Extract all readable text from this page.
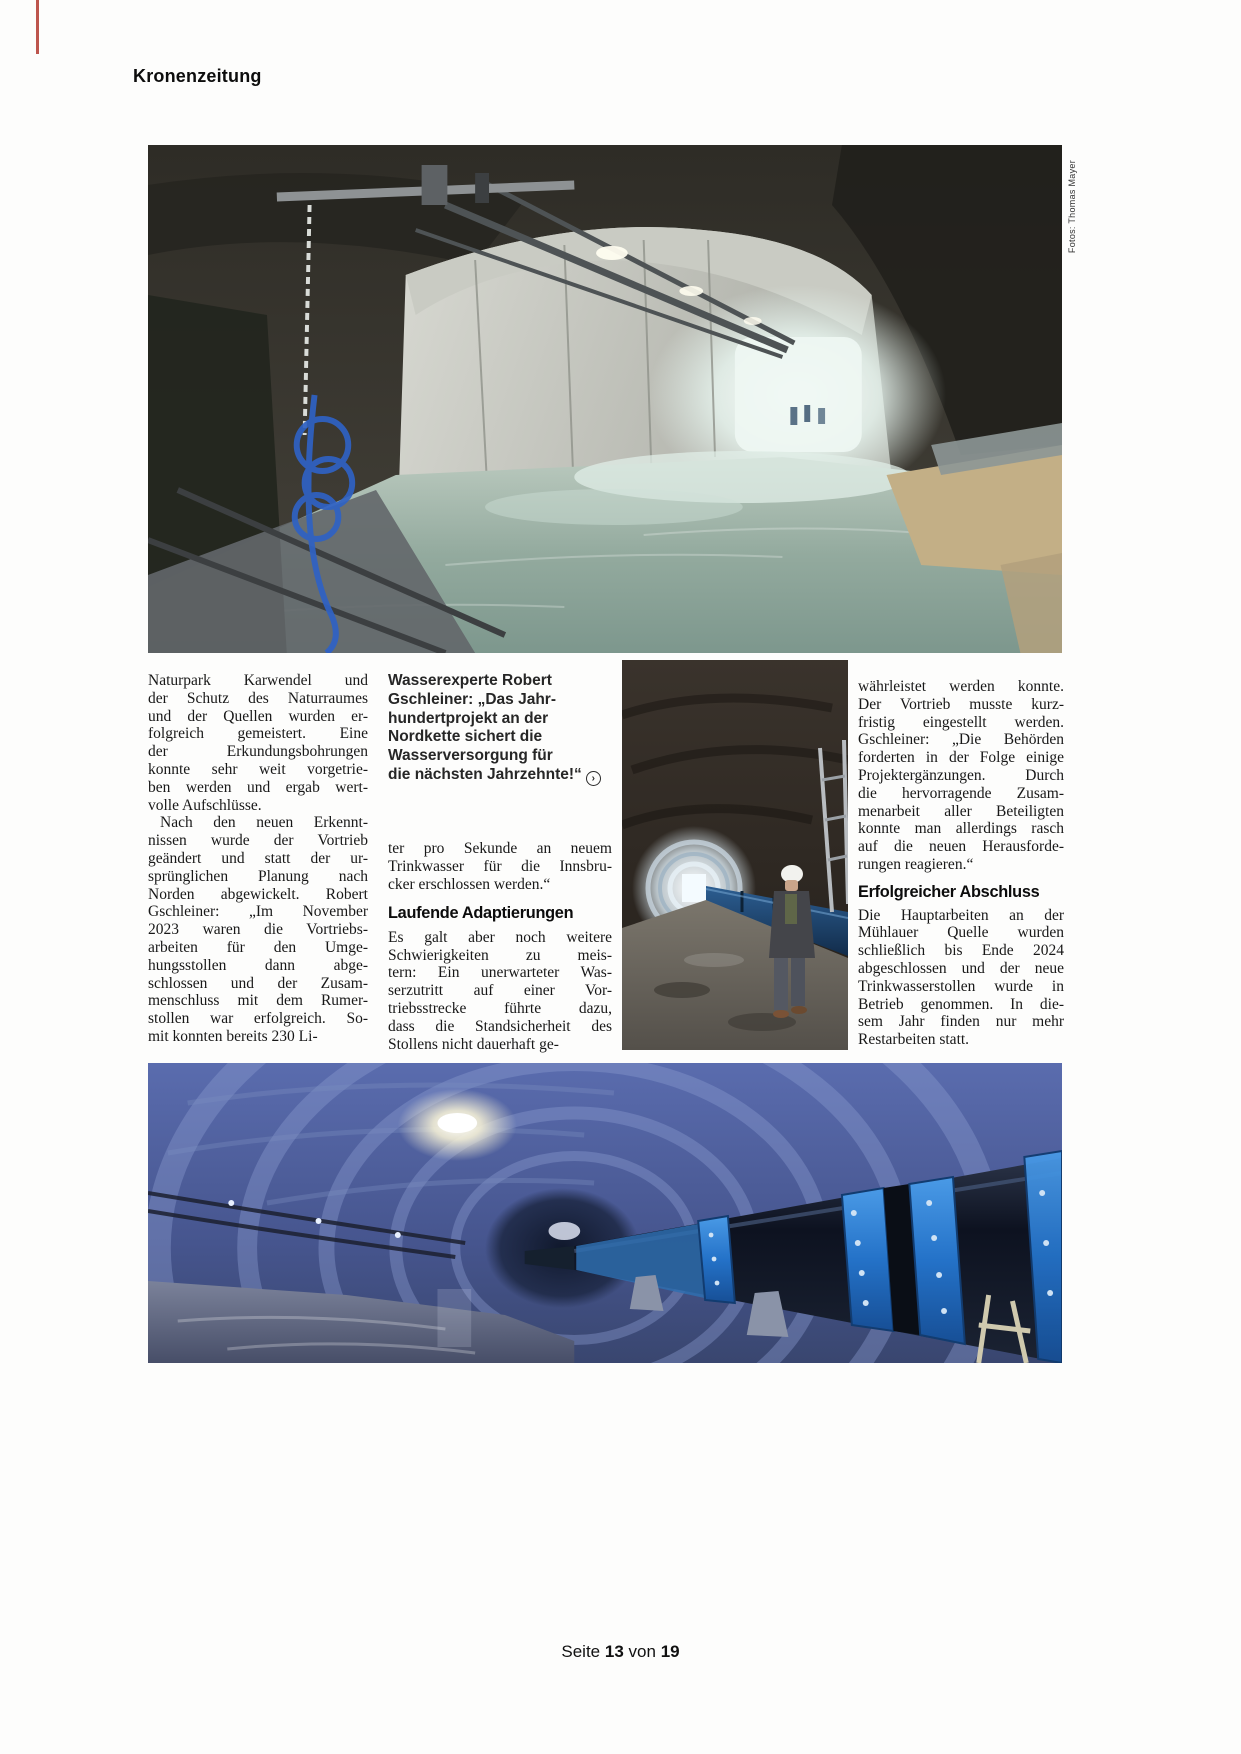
Kronenzeitung
Fotos: Thomas Mayer
Naturpark Karwendel und
der Schutz des Naturraumes
und der Quellen wurden er-
folgreich gemeistert. Eine
der Erkundungsbohrungen
konnte sehr weit vorgetrie-
ben werden und ergab wert-
volle Aufschlüsse.
Nach den neuen Erkennt-
nissen wurde der Vortrieb
geändert und statt der ur-
sprünglichen Planung nach
Norden abgewickelt. Robert
Gschleiner: „Im November
2023 waren die Vortriebs-
arbeiten für den Umge-
hungsstollen dann abge-
schlossen und der Zusam-
menschluss mit dem Rumer-
stollen war erfolgreich. So-
mit konnten bereits 230 Li-
Wasserexperte Robert
Gschleiner: „Das Jahr-
hundertprojekt an der
Nordkette sichert die
Wasserversorgung für
die nächsten Jahrzehnte!“ ›
ter pro Sekunde an neuem
Trinkwasser für die Innsbru-
cker erschlossen werden.“
Laufende Adaptierungen
Es galt aber noch weitere
Schwierigkeiten zu meis-
tern: Ein unerwarteter Was-
serzutritt auf einer Vor-
triebsstrecke führte dazu,
dass die Standsicherheit des
Stollens nicht dauerhaft ge-
währleistet werden konnte.
Der Vortrieb musste kurz-
fristig eingestellt werden.
Gschleiner: „Die Behörden
forderten in der Folge einige
Projektergänzungen. Durch
die hervorragende Zusam-
menarbeit aller Beteiligten
konnte man allerdings rasch
auf die neuen Herausforde-
rungen reagieren.“
Erfolgreicher Abschluss
Die Hauptarbeiten an der
Mühlauer Quelle wurden
schließlich bis Ende 2024
abgeschlossen und der neue
Trinkwasserstollen wurde in
Betrieb genommen. In die-
sem Jahr finden nur mehr
Restarbeiten statt.
Seite 13 von 19
